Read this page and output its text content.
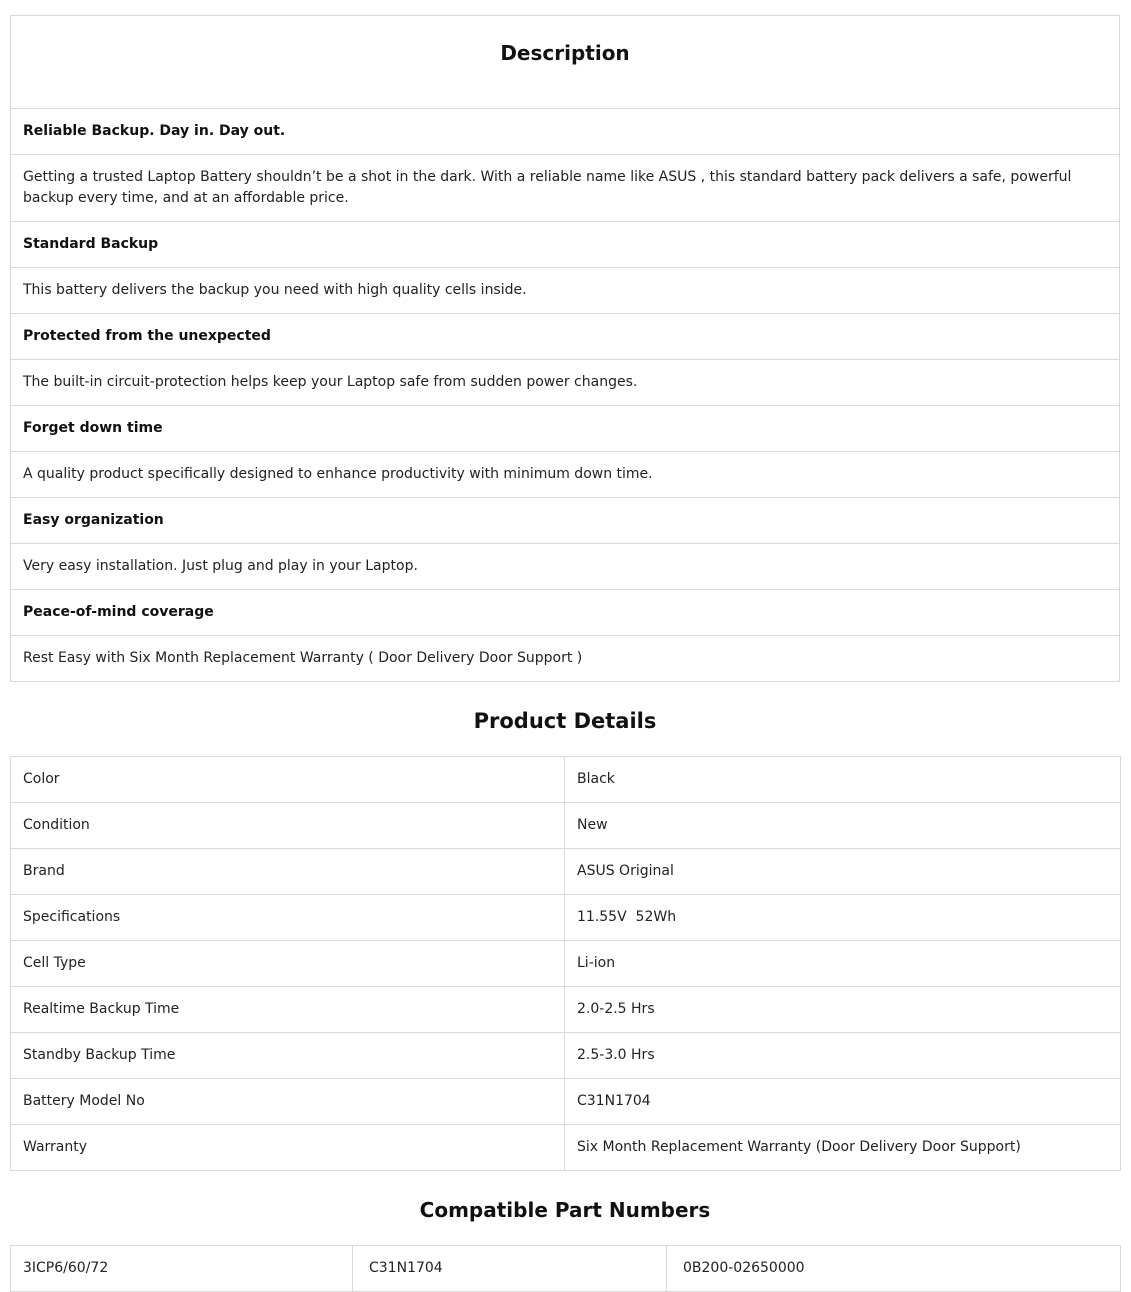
Description
Reliable Backup. Day in. Day out.
Getting a trusted Laptop Battery shouldn’t be a shot in the dark. With a reliable name like ASUS , this standard battery pack delivers a safe, powerful backup every time, and at an affordable price.
Standard Backup
This battery delivers the backup you need with high quality cells inside.
Protected from the unexpected
The built-in circuit-protection helps keep your Laptop safe from sudden power changes.
Forget down time
A quality product specifically designed to enhance productivity with minimum down time.
Easy organization
Very easy installation. Just plug and play in your Laptop.
Peace-of-mind coverage
Rest Easy with Six Month Replacement Warranty ( Door Delivery Door Support )
Product Details
Color	Black
Condition	New
Brand	ASUS Original
Specifications	11.55V  52Wh
Cell Type	Li-ion
Realtime Backup Time	2.0-2.5 Hrs
Standby Backup Time	2.5-3.0 Hrs
Battery Model No	C31N1704
Warranty	Six Month Replacement Warranty (Door Delivery Door Support)
Compatible Part Numbers
3ICP6/60/72	C31N1704	0B200-02650000
